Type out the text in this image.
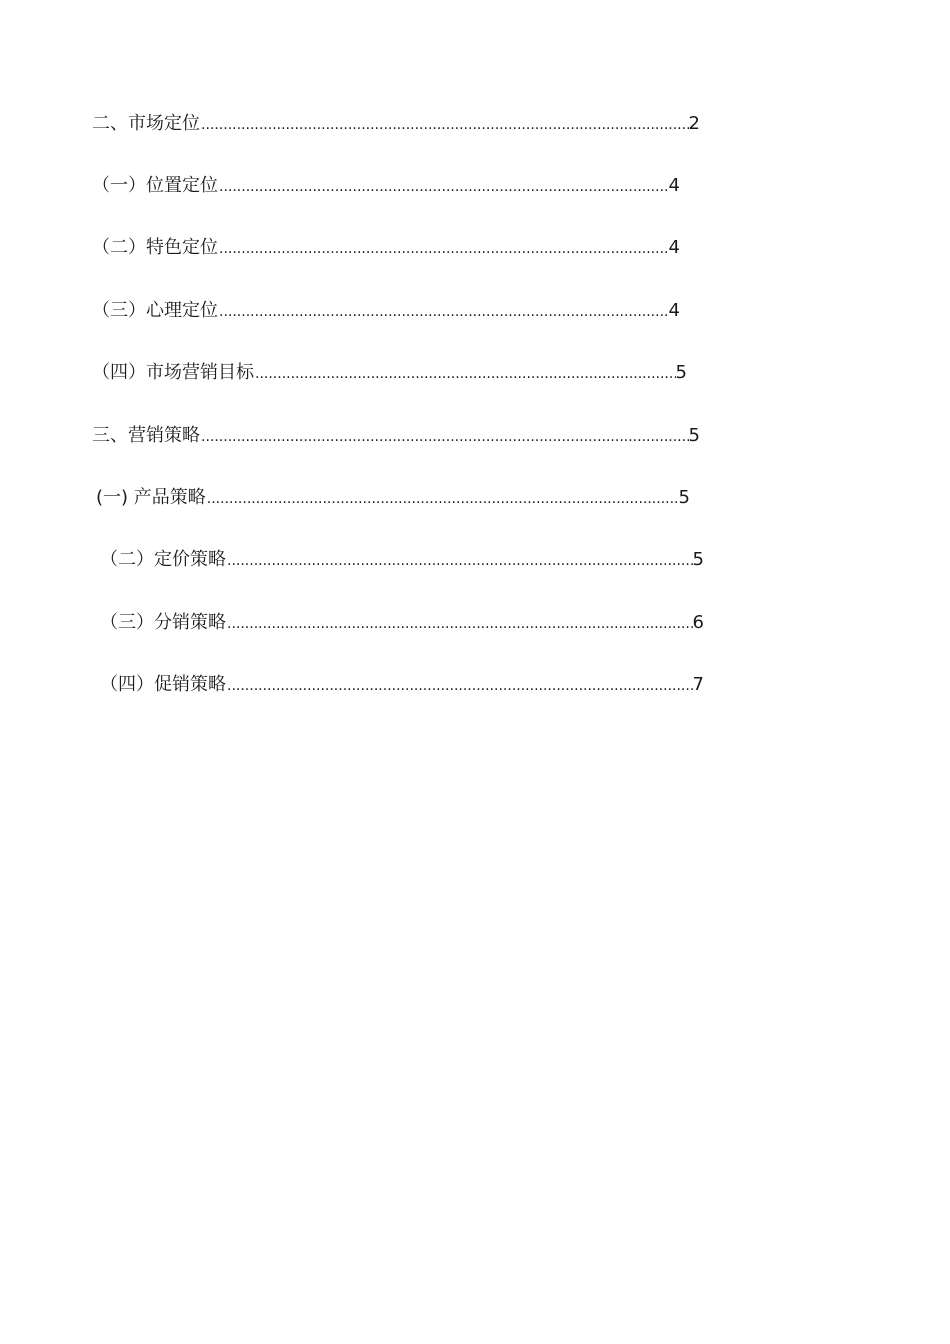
二、市场定位 .....	2
（一）位置定位 .....	4
（二）特色定位 .....	4
（三）心理定位 .....	4
（四）市场营销目标 .....	5
三、营销策略 .....	5
(一) 产品策略 .....	5
（二）定价策略 .....	5
（三）分销策略 .....	6
（四）促销策略 .....	7
